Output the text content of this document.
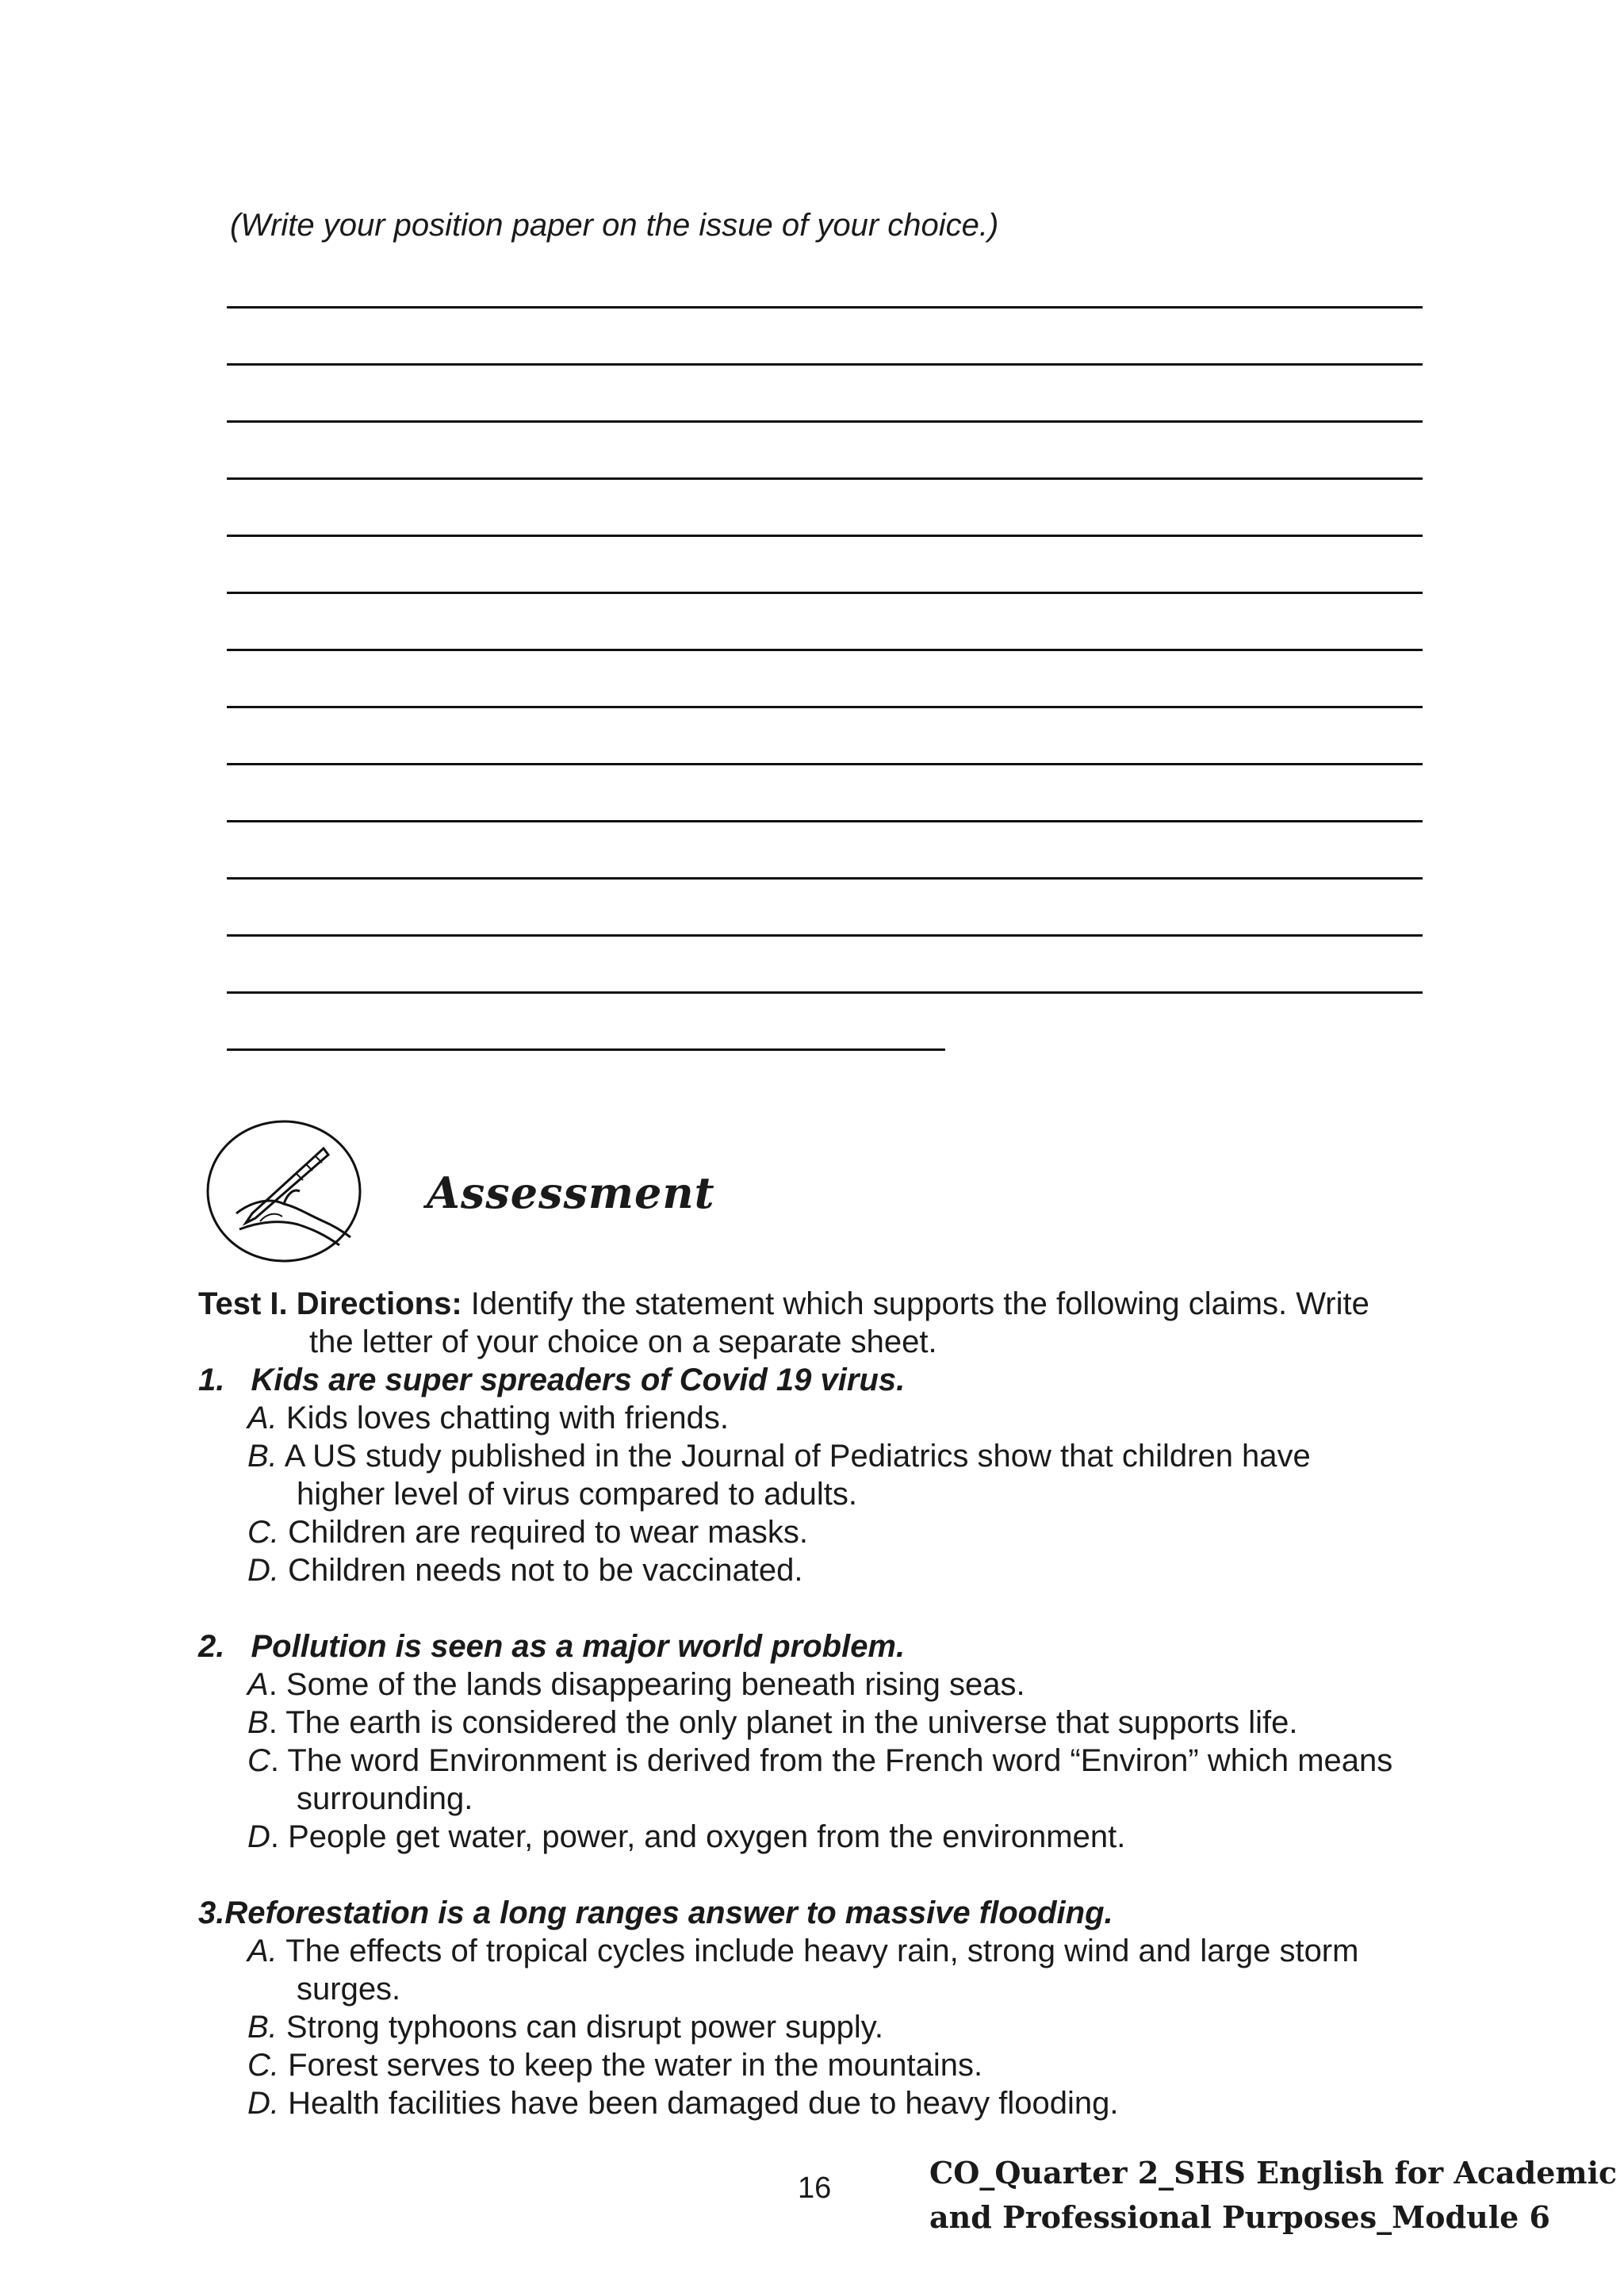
(Write your position paper on the issue of your choice.)
Assessment
Test I. Directions: Identify the statement which supports the following claims. Write
the letter of your choice on a separate sheet.
1. Kids are super spreaders of Covid 19 virus.
A. Kids loves chatting with friends.
B. A US study published in the Journal of Pediatrics show that children have
higher level of virus compared to adults.
C. Children are required to wear masks.
D. Children needs not to be vaccinated.
2. Pollution is seen as a major world problem.
A. Some of the lands disappearing beneath rising seas.
B. The earth is considered the only planet in the universe that supports life.
C. The word Environment is derived from the French word “Environ” which means
surrounding.
D. People get water, power, and oxygen from the environment.
3.Reforestation is a long ranges answer to massive flooding.
A. The effects of tropical cycles include heavy rain, strong wind and large storm
surges.
B. Strong typhoons can disrupt power supply.
C. Forest serves to keep the water in the mountains.
D. Health facilities have been damaged due to heavy flooding.
16	CO_Quarter 2_SHS English for Academic
and Professional Purposes_Module 6
